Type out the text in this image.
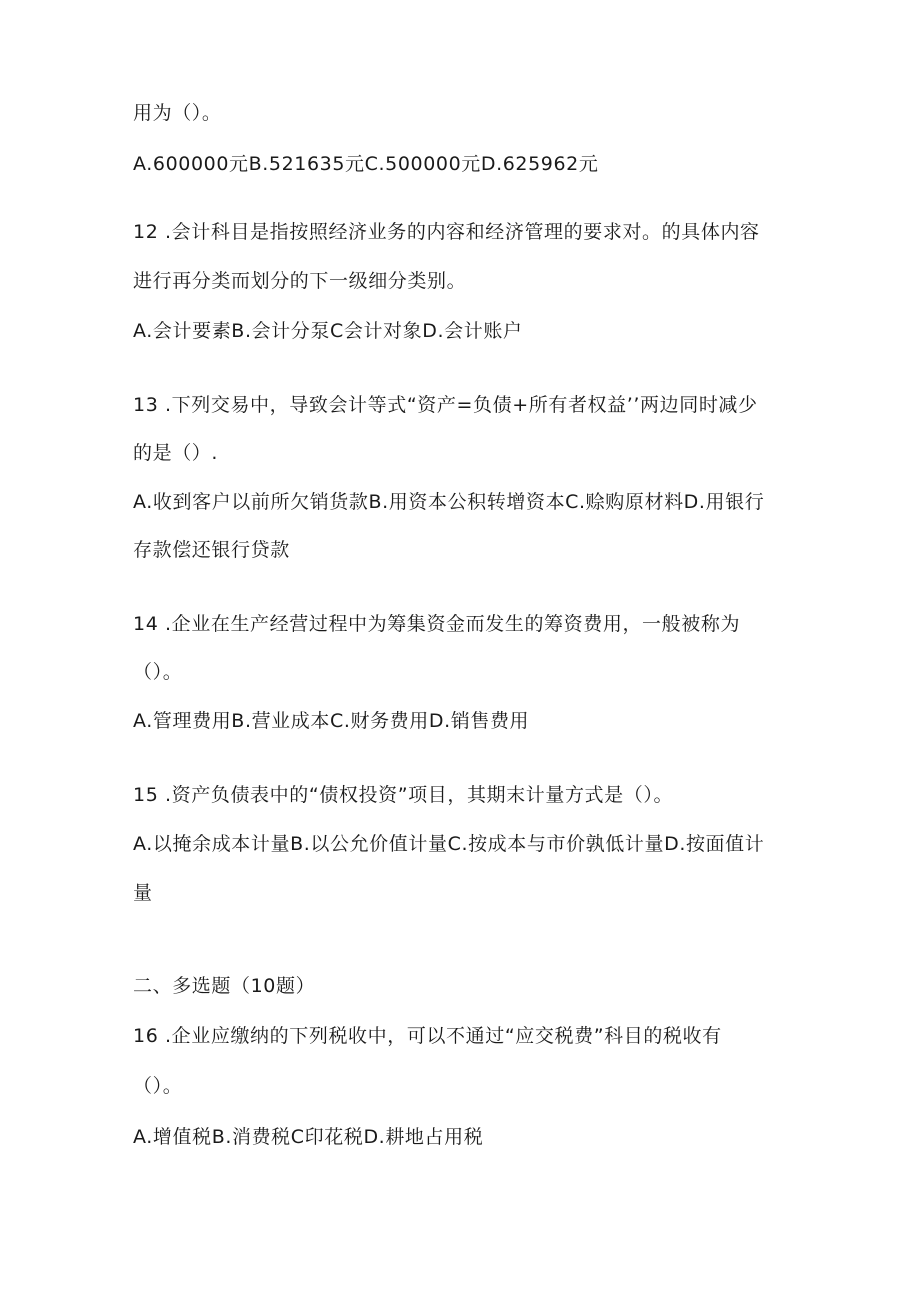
用为（）。
A.600000元B.521635元C.500000元D.625962元
12 .会计科目是指按照经济业务的内容和经济管理的要求对。的具体内容
进行再分类而划分的下一级细分类别。
A.会计要素B.会计分泵C会计对象D.会计账户
13 .下列交易中，导致会计等式“资产=负债+所有者权益’’两边同时减少
的是（）.
A.收到客户以前所欠销货款B.用资本公积转增资本C.赊购原材料D.用银行
存款偿还银行贷款
14 .企业在生产经营过程中为筹集资金而发生的筹资费用，一般被称为
（）。
A.管理费用B.营业成本C.财务费用D.销售费用
15 .资产负债表中的“债权投资”项目，其期末计量方式是（）。
A.以掩余成本计量B.以公允价值计量C.按成本与市价孰低计量D.按面值计
量
二、多选题（10题）
16 .企业应缴纳的下列税收中，可以不通过“应交税费”科目的税收有
（）。
A.增值税B.消费税C印花税D.耕地占用税
